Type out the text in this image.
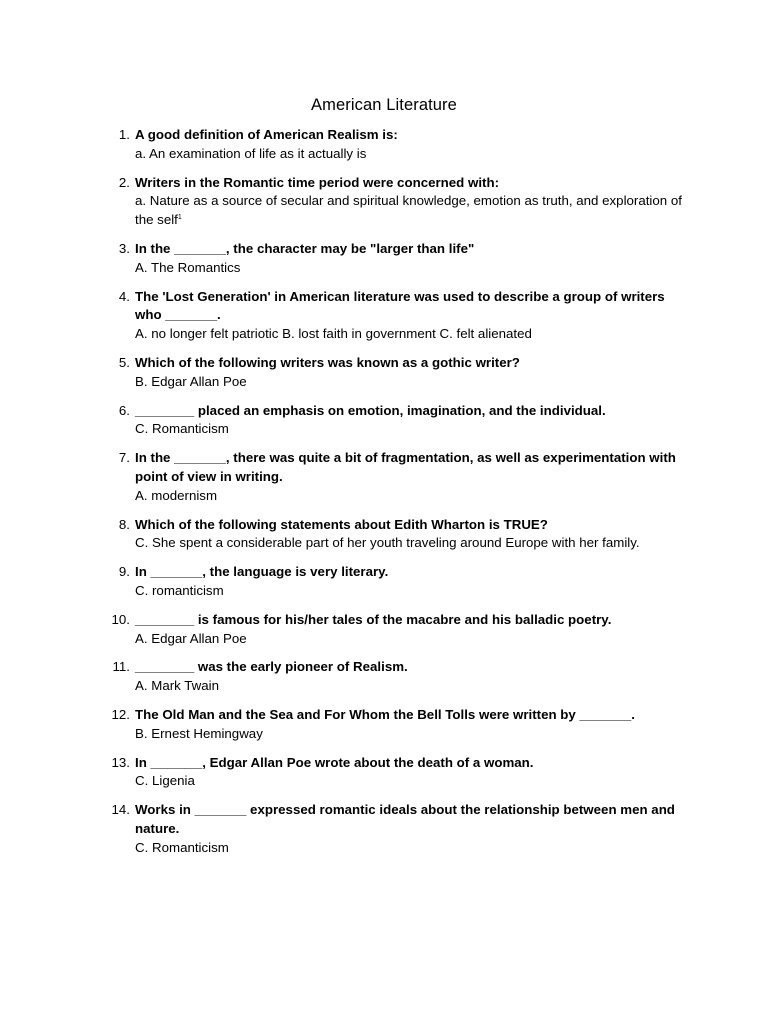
American Literature
1. A good definition of American Realism is:
a. An examination of life as it actually is
2. Writers in the Romantic time period were concerned with:
a. Nature as a source of secular and spiritual knowledge, emotion as truth, and exploration of the self$^1$
3. In the _______, the character may be "larger than life"
A. The Romantics
4. The 'Lost Generation' in American literature was used to describe a group of writers who _______.
A. no longer felt patriotic B. lost faith in government C. felt alienated
5. Which of the following writers was known as a gothic writer?
B. Edgar Allan Poe
6. ________ placed an emphasis on emotion, imagination, and the individual.
C. Romanticism
7. In the _______, there was quite a bit of fragmentation, as well as experimentation with point of view in writing.
A. modernism
8. Which of the following statements about Edith Wharton is TRUE?
C. She spent a considerable part of her youth traveling around Europe with her family.
9. In _______, the language is very literary.
C. romanticism
10. ________ is famous for his/her tales of the macabre and his balladic poetry.
A. Edgar Allan Poe
11. ________ was the early pioneer of Realism.
A. Mark Twain
12. The Old Man and the Sea and For Whom the Bell Tolls were written by _______.
B. Ernest Hemingway
13. In _______, Edgar Allan Poe wrote about the death of a woman.
C. Ligenia
14. Works in _______ expressed romantic ideals about the relationship between men and nature.
C. Romanticism
